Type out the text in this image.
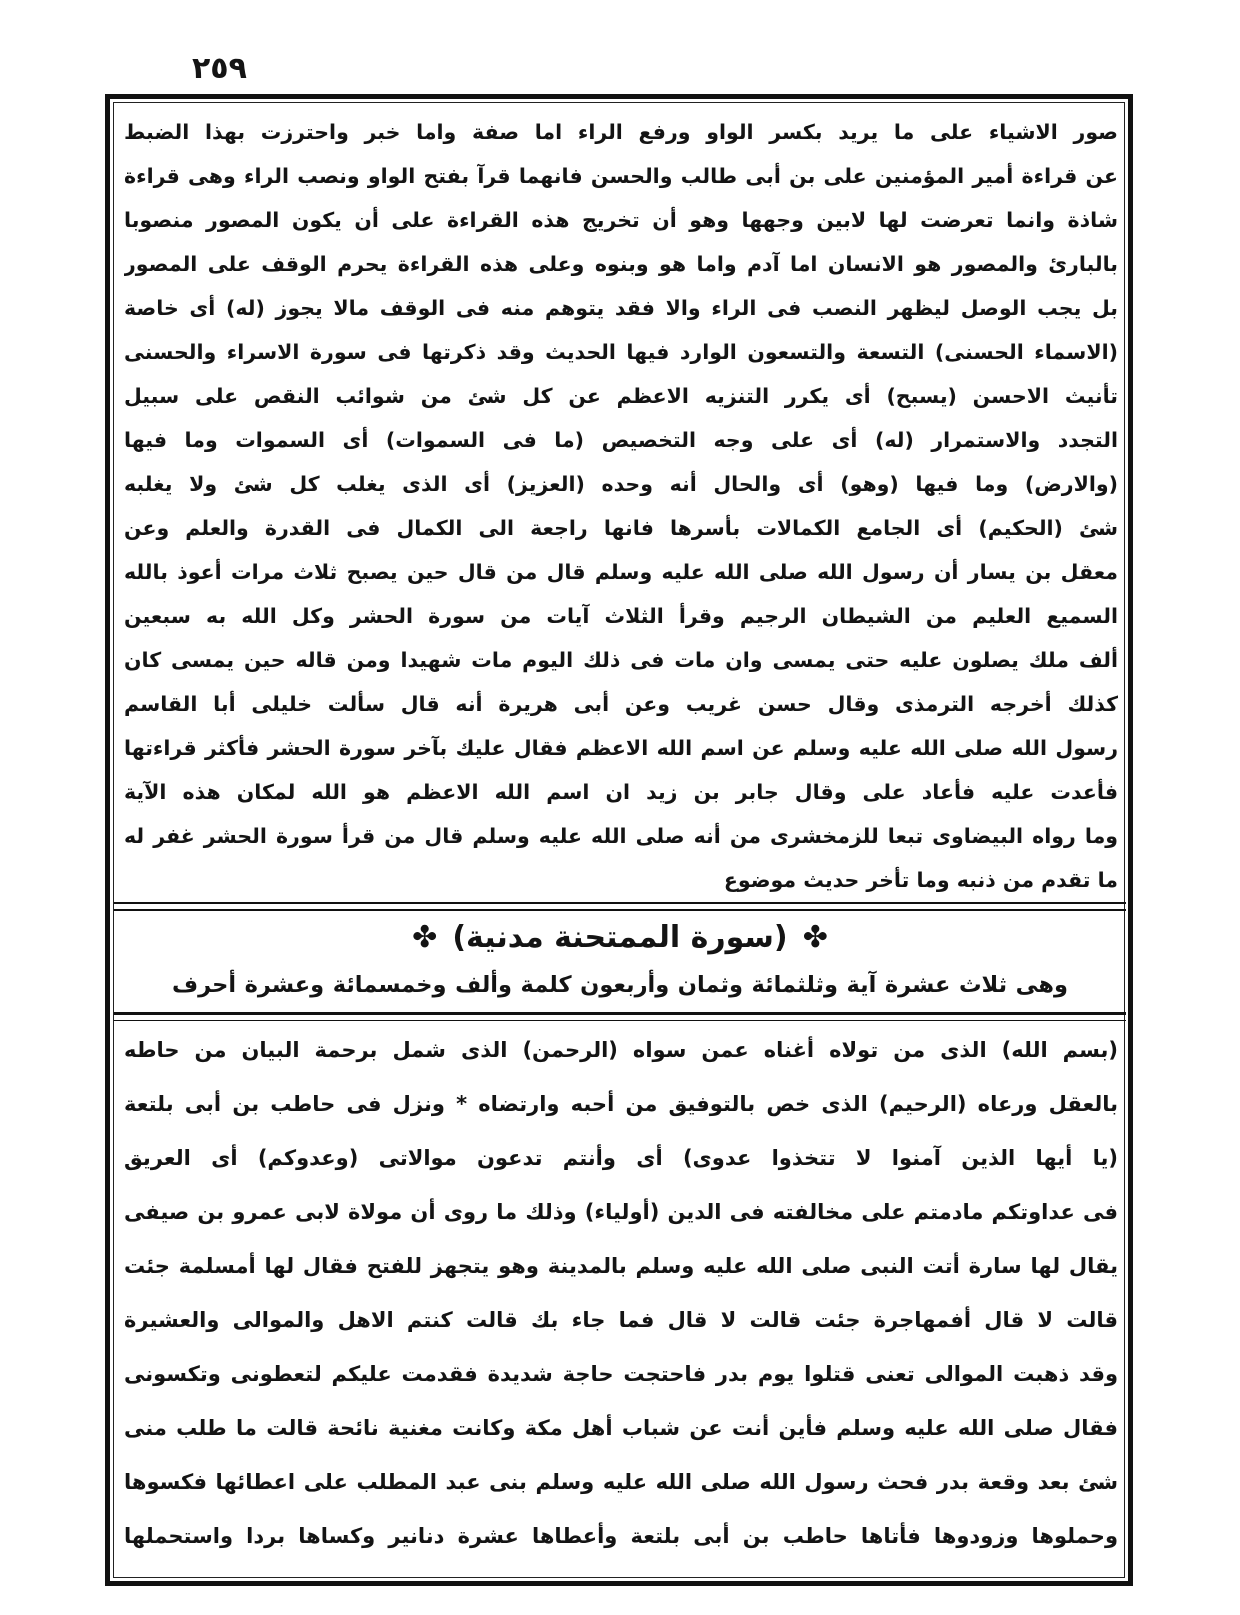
٢٥٩
صور الاشياء على ما يريد بكسر الواو ورفع الراء اما صفة واما خبر واحترزت بهذا الضبط
عن قراءة أمير المؤمنين على بن أبى طالب والحسن فانهما قرآ بفتح الواو ونصب الراء وهى قراءة
شاذة وانما تعرضت لها لابين وجهها وهو أن تخريج هذه القراءة على أن يكون المصور منصوبا
بالبارئ والمصور هو الانسان اما آدم واما هو وبنوه وعلى هذه القراءة يحرم الوقف على المصور
بل يجب الوصل ليظهر النصب فى الراء والا فقد يتوهم منه فى الوقف مالا يجوز (له) أى خاصة
(الاسماء الحسنى) التسعة والتسعون الوارد فيها الحديث وقد ذكرتها فى سورة الاسراء والحسنى
تأنيث الاحسن (يسبح) أى يكرر التنزيه الاعظم عن كل شئ من شوائب النقص على سبيل
التجدد والاستمرار (له) أى على وجه التخصيص (ما فى السموات) أى السموات وما فيها
(والارض) وما فيها (وهو) أى والحال أنه وحده (العزيز) أى الذى يغلب كل شئ ولا يغلبه
شئ (الحكيم) أى الجامع الكمالات بأسرها فانها راجعة الى الكمال فى القدرة والعلم وعن
معقل بن يسار أن رسول الله صلى الله عليه وسلم قال من قال حين يصبح ثلاث مرات أعوذ بالله
السميع العليم من الشيطان الرجيم وقرأ الثلاث آيات من سورة الحشر وكل الله به سبعين
ألف ملك يصلون عليه حتى يمسى وان مات فى ذلك اليوم مات شهيدا ومن قاله حين يمسى كان
كذلك أخرجه الترمذى وقال حسن غريب وعن أبى هريرة أنه قال سألت خليلى أبا القاسم
رسول الله صلى الله عليه وسلم عن اسم الله الاعظم فقال عليك بآخر سورة الحشر فأكثر قراءتها
فأعدت عليه فأعاد على وقال جابر بن زيد ان اسم الله الاعظم هو الله لمكان هذه الآية
وما رواه البيضاوى تبعا للزمخشرى من أنه صلى الله عليه وسلم قال من قرأ سورة الحشر غفر له
ما تقدم من ذنبه وما تأخر حديث موضوع
✤ (سورة الممتحنة مدنية) ✤
وهى ثلاث عشرة آية وثلثمائة وثمان وأربعون كلمة وألف وخمسمائة وعشرة أحرف
(بسم الله) الذى من تولاه أغناه عمن سواه (الرحمن) الذى شمل برحمة البيان من حاطه
بالعقل ورعاه (الرحيم) الذى خص بالتوفيق من أحبه وارتضاه * ونزل فى حاطب بن أبى بلتعة
(يا أيها الذين آمنوا لا تتخذوا عدوى) أى وأنتم تدعون موالاتى (وعدوكم) أى العريق
فى عداوتكم مادمتم على مخالفته فى الدين (أولياء) وذلك ما روى أن مولاة لابى عمرو بن صيفى
يقال لها سارة أتت النبى صلى الله عليه وسلم بالمدينة وهو يتجهز للفتح فقال لها أمسلمة جئت
قالت لا قال أفمهاجرة جئت قالت لا قال فما جاء بك قالت كنتم الاهل والموالى والعشيرة
وقد ذهبت الموالى تعنى قتلوا يوم بدر فاحتجت حاجة شديدة فقدمت عليكم لتعطونى وتكسونى
فقال صلى الله عليه وسلم فأين أنت عن شباب أهل مكة وكانت مغنية نائحة قالت ما طلب منى
شئ بعد وقعة بدر فحث رسول الله صلى الله عليه وسلم بنى عبد المطلب على اعطائها فكسوها
وحملوها وزودوها فأتاها حاطب بن أبى بلتعة وأعطاها عشرة دنانير وكساها بردا واستحملها
